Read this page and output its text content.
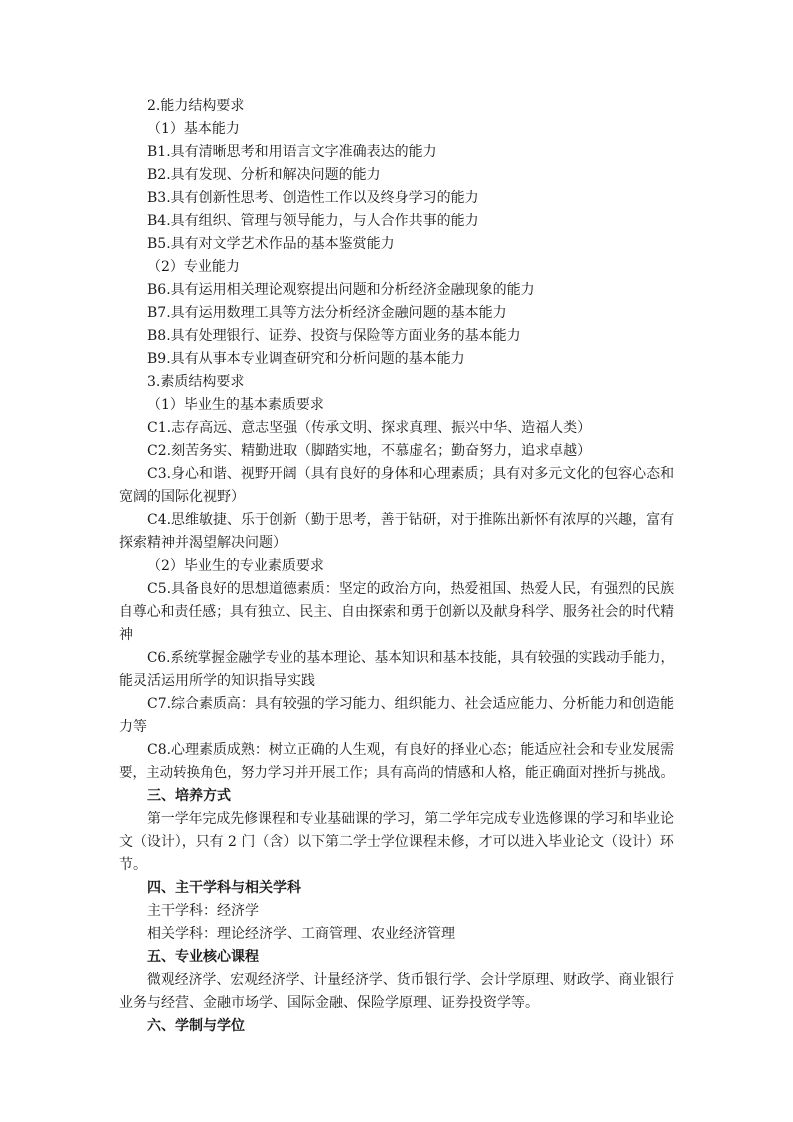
2.能力结构要求
（1）基本能力
B1.具有清晰思考和用语言文字准确表达的能力
B2.具有发现、分析和解决问题的能力
B3.具有创新性思考、创造性工作以及终身学习的能力
B4.具有组织、管理与领导能力，与人合作共事的能力
B5.具有对文学艺术作品的基本鉴赏能力
（2）专业能力
B6.具有运用相关理论观察提出问题和分析经济金融现象的能力
B7.具有运用数理工具等方法分析经济金融问题的基本能力
B8.具有处理银行、证券、投资与保险等方面业务的基本能力
B9.具有从事本专业调查研究和分析问题的基本能力
3.素质结构要求
（1）毕业生的基本素质要求
C1.志存高远、意志坚强（传承文明、探求真理、振兴中华、造福人类）
C2.刻苦务实、精勤进取（脚踏实地，不慕虚名；勤奋努力，追求卓越）
C3.身心和谐、视野开阔（具有良好的身体和心理素质；具有对多元文化的包容心态和
宽阔的国际化视野）
C4.思维敏捷、乐于创新（勤于思考，善于钻研，对于推陈出新怀有浓厚的兴趣，富有
探索精神并渴望解决问题）
（2）毕业生的专业素质要求
C5.具备良好的思想道德素质：坚定的政治方向，热爱祖国、热爱人民，有强烈的民族
自尊心和责任感；具有独立、民主、自由探索和勇于创新以及献身科学、服务社会的时代精
神
C6.系统掌握金融学专业的基本理论、基本知识和基本技能，具有较强的实践动手能力，
能灵活运用所学的知识指导实践
C7.综合素质高：具有较强的学习能力、组织能力、社会适应能力、分析能力和创造能
力等
C8.心理素质成熟：树立正确的人生观，有良好的择业心态；能适应社会和专业发展需
要，主动转换角色，努力学习并开展工作；具有高尚的情感和人格，能正确面对挫折与挑战。
三、培养方式
第一学年完成先修课程和专业基础课的学习，第二学年完成专业选修课的学习和毕业论
文（设计），只有 2 门（含）以下第二学士学位课程未修，才可以进入毕业论文（设计）环
节。
四、主干学科与相关学科
主干学科：经济学
相关学科：理论经济学、工商管理、农业经济管理
五、专业核心课程
微观经济学、宏观经济学、计量经济学、货币银行学、会计学原理、财政学、商业银行
业务与经营、金融市场学、国际金融、保险学原理、证券投资学等。
六、学制与学位
